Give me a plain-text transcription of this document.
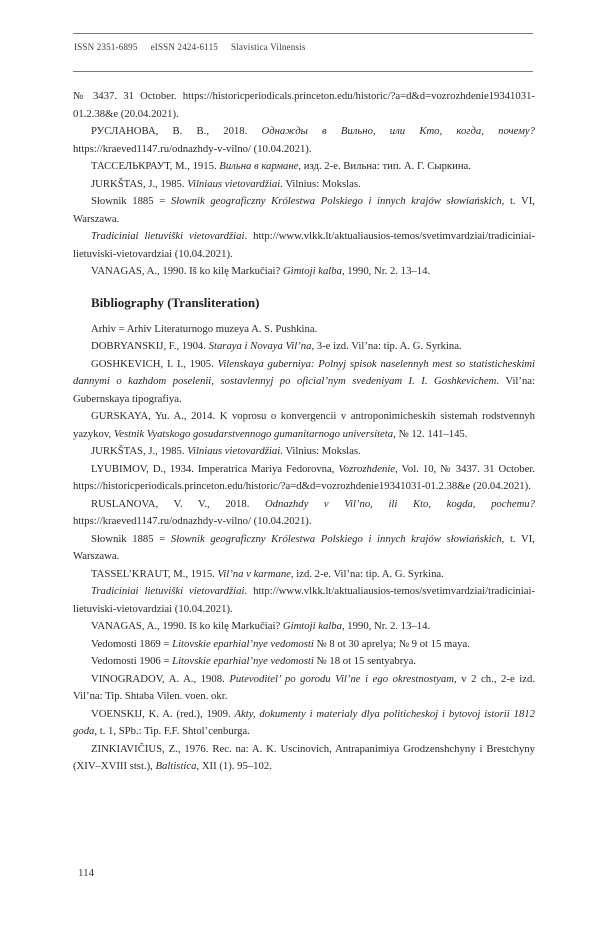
ISSN 2351-6895 eISSN 2424-6115 Slavistica Vilnensis

№ 3437. 31 October. https://historicperiodicals.princeton.edu/historic/?a=d&d=vozrozhdenie19341031-01.2.38&e (20.04.2021).

РУСЛАНОВА, В. В., 2018. Однажды в Вильно, или Кто, когда, почему? https://kraeved1147.ru/odnazhdy-v-vilno/ (10.04.2021).

ТАССЕЛЬКРАУТ, М., 1915. Вильна в кармане, изд. 2-е. Вильна: тип. А. Г. Сыркина.

JURKŠTAS, J., 1985. Vilniaus vietovardžiai. Vilnius: Mokslas.

Słownik 1885 = Słownik geograficzny Królestwa Polskiego i innych krajów słowiańskich, t. VI, Warszawa.

Tradiciniai lietuviški vietovardžiai. http://www.vlkk.lt/aktualiausios-temos/svetimvardziai/tradiciniai-lietuviski-vietovardziai (10.04.2021).

VANAGAS, A., 1990. Iš ko kilę Markučiai? Gimtoji kalba, 1990, Nr. 2. 13–14.

Bibliography (Transliteration)

Arhiv = Arhiv Literaturnogo muzeya A. S. Pushkina.

DOBRYANSKIJ, F., 1904. Staraya i Novaya Vil’na, 3-e izd. Vil’na: tip. A. G. Syrkina.

GOSHKEVICH, I. I., 1905. Vilenskaya guberniya: Polnyj spisok naselennyh mest so statisticheskimi dannymi o kazhdom poselenii, sostavlennyj po oficial’nym svedeniyam I. I. Goshkevichem. Vil’na: Gubernskaya tipografiya.

GURSKAYA, Yu. A., 2014. K voprosu o konvergencii v antroponimicheskih sistemah rodstvennyh yazykov, Vestnik Vyatskogo gosudarstvennogo gumanitarnogo universiteta, № 12. 141–145.

JURKŠTAS, J., 1985. Vilniaus vietovardžiai. Vilnius: Mokslas.

LYUBIMOV, D., 1934. Imperatrica Mariya Fedorovna, Vozrozhdenie, Vol. 10, № 3437. 31 October. https://historicperiodicals.princeton.edu/historic/?a=d&d=vozrozhdenie19341031-01.2.38&e (20.04.2021).

RUSLANOVA, V. V., 2018. Odnazhdy v Vil’no, ili Kto, kogda, pochemu? https://kraeved1147.ru/odnazhdy-v-vilno/ (10.04.2021).

Słownik 1885 = Słownik geograficzny Królestwa Polskiego i innych krajów słowiańskich, t. VI, Warszawa.

TASSEL’KRAUT, M., 1915. Vil’na v karmane, izd. 2-e. Vil’na: tip. A. G. Syrkina.

Tradiciniai lietuviški vietovardžiai. http://www.vlkk.lt/aktualiausios-temos/svetimvardziai/tradiciniai-lietuviski-vietovardziai (10.04.2021).

VANAGAS, A., 1990. Iš ko kilę Markučiai? Gimtoji kalba, 1990, Nr. 2. 13–14.

Vedomosti 1869 = Litovskie eparhial’nye vedomosti № 8 ot 30 aprelya; № 9 ot 15 maya.

Vedomosti 1906 = Litovskie eparhial’nye vedomosti № 18 ot 15 sentyabrya.

VINOGRADOV, A. A., 1908. Putevoditel’ po gorodu Vil’ne i ego okrestnostyam, v 2 ch., 2-e izd. Vil’na: Tip. Shtaba Vilen. voen. okr.

VOENSKIJ, K. A. (red.), 1909. Akty, dokumenty i materialy dlya politicheskoj i bytovoj istorii 1812 goda, t. 1, SPb.: Tip. F.F. Shtol’cenburga.

ZINKIAVIČIUS, Z., 1976. Rec. na: A. K. Uscinovich, Antrapanimiya Grodzenshchyny i Brestchyny (XIV–XVIII stst.), Baltistica, XII (1). 95–102.

114
